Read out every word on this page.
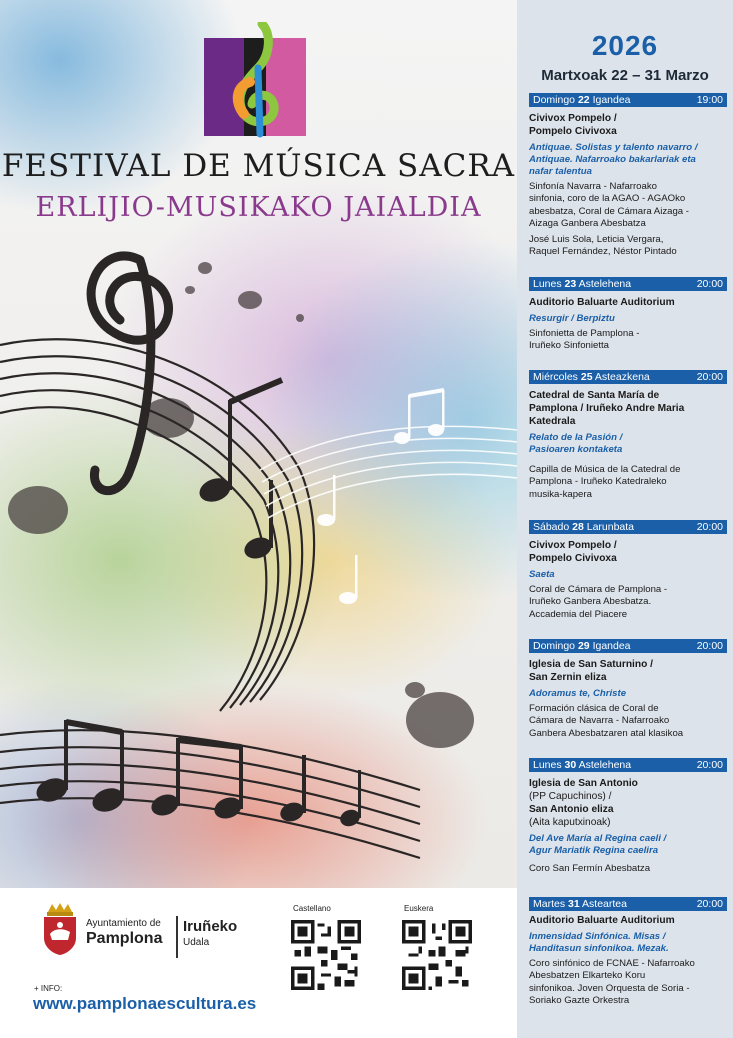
FESTIVAL DE MÚSICA SACRA
ERLIJIO-MUSIKAKO JAIALDIA
Ayuntamiento de
Pamplona
Iruñeko
Udala
Castellano	Euskera
+ INFO:
www.pamplonaescultura.es
2026
Martxoak 22 – 31 Marzo
Domingo 22 Igandea	19:00
Civivox Pompelo /
Pompelo Civivoxa
Antiquae. Solistas y talento navarro /
Antiquae. Nafarroako bakarlariak eta
nafar talentua
Sinfonía Navarra - Nafarroako
sinfonia, coro de la AGAO - AGAOko
abesbatza, Coral de Cámara Aizaga -
Aizaga Ganbera Abesbatza
José Luis Sola, Leticia Vergara,
Raquel Fernández, Néstor Pintado
Lunes 23 Astelehena	20:00
Auditorio Baluarte Auditorium
Resurgir / Berpiztu
Sinfonietta de Pamplona -
Iruñeko Sinfonietta
Miércoles 25 Asteazkena	20:00
Catedral de Santa María de
Pamplona / Iruñeko Andre Maria
Katedrala
Relato de la Pasión /
Pasioaren kontaketa
Capilla de Música de la Catedral de
Pamplona - Iruñeko Katedraleko
musika-kapera
Sábado 28 Larunbata	20:00
Civivox Pompelo /
Pompelo Civivoxa
Saeta
Coral de Cámara de Pamplona -
Iruñeko Ganbera Abesbatza.
Accademia del Piacere
Domingo 29 Igandea	20:00
Iglesia de San Saturnino /
San Zernin eliza
Adoramus te, Christe
Formación clásica de Coral de
Cámara de Navarra - Nafarroako
Ganbera Abesbatzaren atal klasikoa
Lunes 30 Astelehena	20:00
Iglesia de San Antonio
(PP Capuchinos) /
San Antonio eliza
(Aita kaputxinoak)
Del Ave María al Regina caeli /
Agur Mariatik Regina caelira
Coro San Fermín Abesbatza
Martes 31 Astearteа	20:00
Auditorio Baluarte Auditorium
Inmensidad Sinfónica. Misas /
Handitasun sinfonikoa. Mezak.
Coro sinfónico de FCNAE - Nafarroako
Abesbatzen Elkarteko Koru
sinfonikoa. Joven Orquesta de Soria -
Soriako Gazte Orkestra
